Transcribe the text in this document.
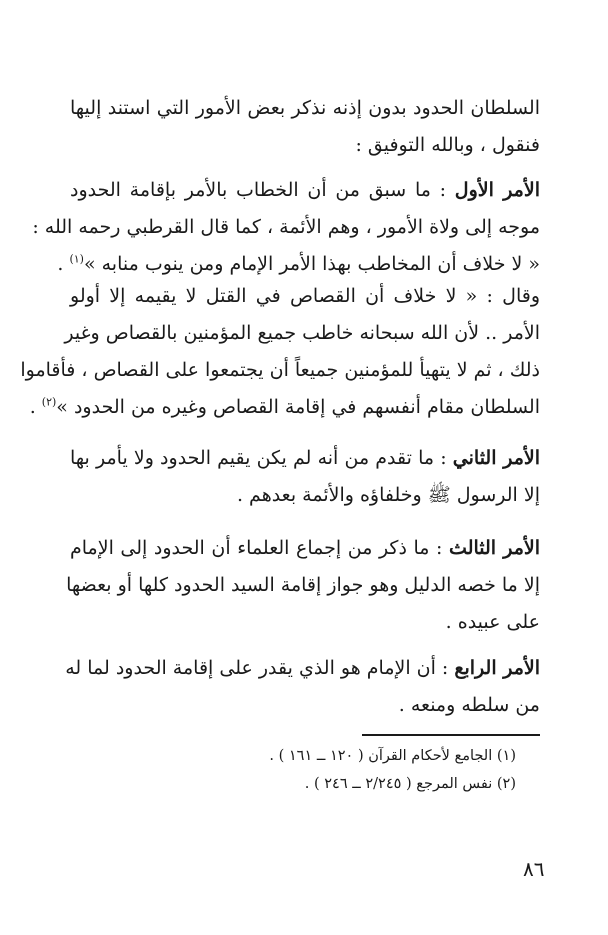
السلطان الحدود بدون إذنه نذكر بعض الأمور التي استند إليها
فنقول ، وبالله التوفيق :
الأمر الأول : ما سبق من أن الخطاب بالأمر بإقامة الحدود
موجه إلى ولاة الأمور ، وهم الأئمة ، كما قال القرطبي رحمه الله :
« لا خلاف أن المخاطب بهذا الأمر الإمام ومن ينوب منابه »$^{(١)}$ .
وقال : « لا خلاف أن القصاص في القتل لا يقيمه إلا أولو
الأمر .. لأن الله سبحانه خاطب جميع المؤمنين بالقصاص وغير
ذلك ، ثم لا يتهيأ للمؤمنين جميعاً أن يجتمعوا على القصاص ، فأقاموا
السلطان مقام أنفسهم في إقامة القصاص وغيره من الحدود »$^{(٢)}$ .
الأمر الثاني : ما تقدم من أنه لم يكن يقيم الحدود ولا يأمر بها
إلا الرسول ﷺ وخلفاؤه والأئمة بعدهم .
الأمر الثالث : ما ذكر من إجماع العلماء أن الحدود إلى الإمام
إلا ما خصه الدليل وهو جواز إقامة السيد الحدود كلها أو بعضها
على عبيده .
الأمر الرابع : أن الإمام هو الذي يقدر على إقامة الحدود لما له
من سلطه ومنعه .
(١) الجامع لأحكام القرآن ( ١٢٠ ــ ١٦١ ) .
(٢) نفس المرجع ( ٢/٢٤٥ ــ ٢٤٦ ) .
٨٦
